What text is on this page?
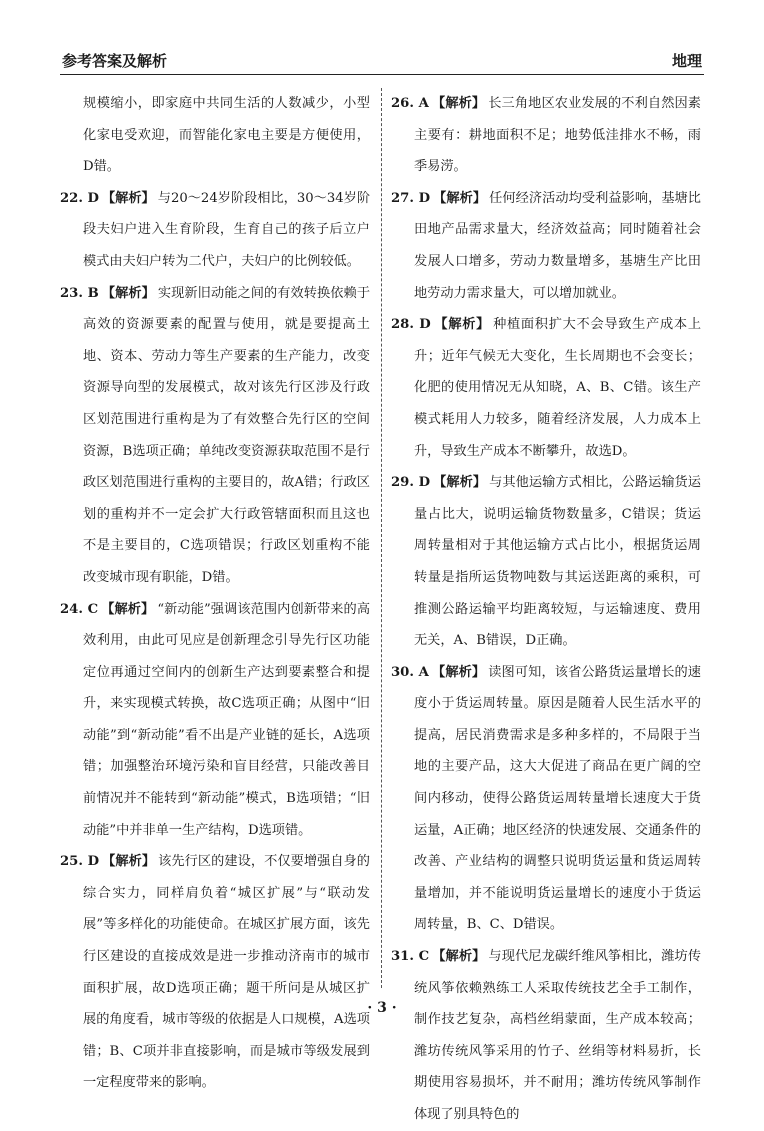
参考答案及解析	地理

规模缩小，即家庭中共同生活的人数减少，小型化家电受欢迎，而智能化家电主要是方便使用，D错。

22. D 【解析】 与20～24岁阶段相比，30～34岁阶段夫妇户进入生育阶段，生育自己的孩子后立户模式由夫妇户转为二代户，夫妇户的比例较低。

23. B 【解析】 实现新旧动能之间的有效转换依赖于高效的资源要素的配置与使用，就是要提高土地、资本、劳动力等生产要素的生产能力，改变资源导向型的发展模式，故对该先行区涉及行政区划范围进行重构是为了有效整合先行区的空间资源，B选项正确；单纯改变资源获取范围不是行政区划范围进行重构的主要目的，故A错；行政区划的重构并不一定会扩大行政管辖面积而且这也不是主要目的，C选项错误；行政区划重构不能改变城市现有职能，D错。

24. C 【解析】 “新动能”强调该范围内创新带来的高效利用，由此可见应是创新理念引导先行区功能定位再通过空间内的创新生产达到要素整合和提升，来实现模式转换，故C选项正确；从图中“旧动能”到“新动能”看不出是产业链的延长，A选项错；加强整治环境污染和盲目经营，只能改善目前情况并不能转到“新动能”模式，B选项错；“旧动能”中并非单一生产结构，D选项错。

25. D 【解析】 该先行区的建设，不仅要增强自身的综合实力，同样肩负着“城区扩展”与“联动发展”等多样化的功能使命。在城区扩展方面，该先行区建设的直接成效是进一步推动济南市的城市面积扩展，故D选项正确；题干所问是从城区扩展的角度看，城市等级的依据是人口规模，A选项错；B、C项并非直接影响，而是城市等级发展到一定程度带来的影响。

26. A 【解析】 长三角地区农业发展的不利自然因素主要有：耕地面积不足；地势低洼排水不畅，雨季易涝。

27. D 【解析】 任何经济活动均受利益影响，基塘比田地产品需求量大，经济效益高；同时随着社会发展人口增多，劳动力数量增多，基塘生产比田地劳动力需求量大，可以增加就业。

28. D 【解析】 种植面积扩大不会导致生产成本上升；近年气候无大变化，生长周期也不会变长；化肥的使用情况无从知晓，A、B、C错。该生产模式耗用人力较多，随着经济发展，人力成本上升，导致生产成本不断攀升，故选D。

29. D 【解析】 与其他运输方式相比，公路运输货运量占比大，说明运输货物数量多，C错误；货运周转量相对于其他运输方式占比小，根据货运周转量是指所运货物吨数与其运送距离的乘积，可推测公路运输平均距离较短，与运输速度、费用无关，A、B错误，D正确。

30. A 【解析】 读图可知，该省公路货运量增长的速度小于货运周转量。原因是随着人民生活水平的提高，居民消费需求是多种多样的，不局限于当地的主要产品，这大大促进了商品在更广阔的空间内移动，使得公路货运周转量增长速度大于货运量，A正确；地区经济的快速发展、交通条件的改善、产业结构的调整只说明货运量和货运周转量增加，并不能说明货运量增长的速度小于货运周转量，B、C、D错误。

31. C 【解析】 与现代尼龙碳纤维风筝相比，潍坊传统风筝依赖熟练工人采取传统技艺全手工制作，制作技艺复杂，高档丝绢蒙面，生产成本较高；潍坊传统风筝采用的竹子、丝绢等材料易折，长期使用容易损坏，并不耐用；潍坊传统风筝制作体现了别具特色的

· 3 ·
